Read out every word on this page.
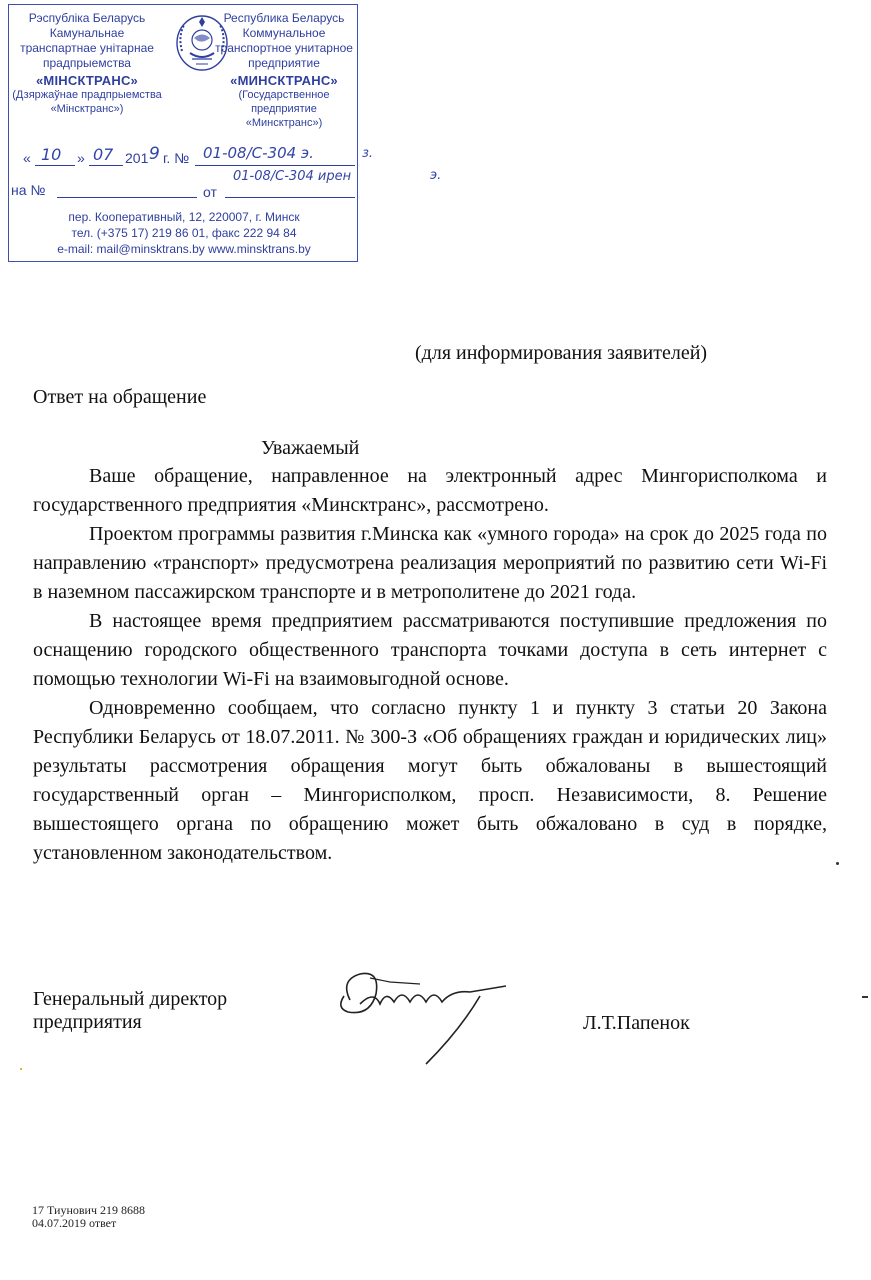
Рэспубліка Беларусь
Камунальнае
транспартнае унітарнае
прадпрыемства
«МІНСКТРАНС»
(Дзяржаўнае прадпрыемства
«Мінсктранс»)
Республика Беларусь
Коммунальное
транспортное унитарное
предприятие
«МИНСКТРАНС»
(Государственное предприятие
«Минсктранс»)
« 10 » 07 201 9 г. № 01-08/С-304 э.
на №	от
01-08/С-304 ирен
пер. Кооперативный, 12, 220007, г. Минск
тел. (+375 17) 219 86 01, факс 222 94 84
e-mail: mail@minsktrans.by www.minsktrans.by
з.
э.
(для информирования заявителей)
Ответ на обращение
Уважаемый

Ваше обращение, направленное на электронный адрес Мингорисполкома и государственного предприятия «Минсктранс», рассмотрено.

Проектом программы развития г.Минска как «умного города» на срок до 2025 года по направлению «транспорт» предусмотрена реализация мероприятий по развитию сети Wi-Fi в наземном пассажирском транспорте и в метрополитене до 2021 года.

В настоящее время предприятием рассматриваются поступившие предложения по оснащению городского общественного транспорта точками доступа в сеть интернет с помощью технологии Wi-Fi на взаимовыгодной основе.

Одновременно сообщаем, что согласно пункту 1 и пункту 3 статьи 20 Закона Республики Беларусь от 18.07.2011. № 300-З «Об обращениях граждан и юридических лиц» результаты рассмотрения обращения могут быть обжалованы в вышестоящий государственный орган – Мингорисполком, просп. Независимости, 8. Решение вышестоящего органа по обращению может быть обжаловано в суд в порядке, установленном законодательством.

Генеральный директор
предприятия	Л.Т.Папенок
17 Тиунович 219 8688
04.07.2019 ответ
